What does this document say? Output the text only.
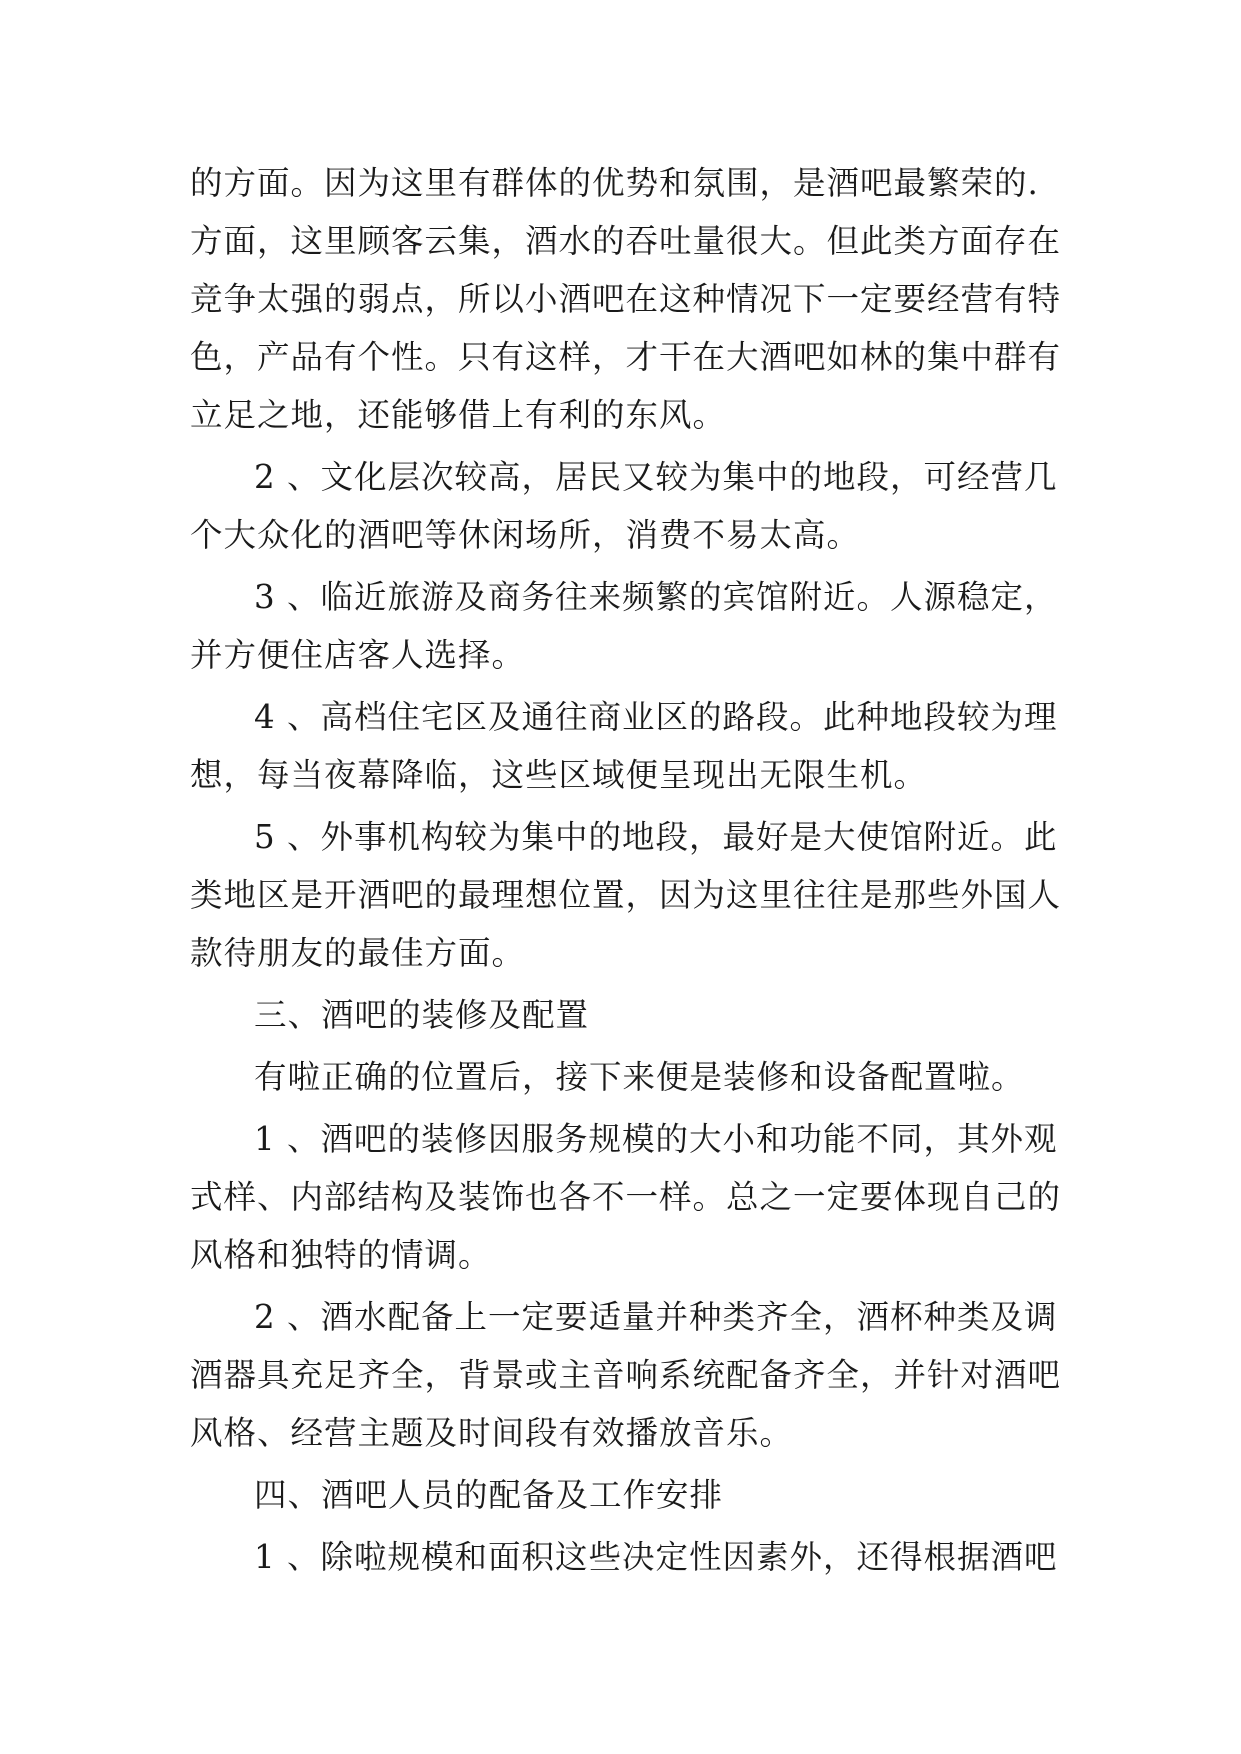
的方面。因为这里有群体的优势和氛围，是酒吧最繁荣的.
方面，这里顾客云集，酒水的吞吐量很大。但此类方面存在
竞争太强的弱点，所以小酒吧在这种情况下一定要经营有特
色，产品有个性。只有这样，才干在大酒吧如林的集中群有
立足之地，还能够借上有利的东风。
2 、文化层次较高，居民又较为集中的地段，可经营几
个大众化的酒吧等休闲场所，消费不易太高。
3 、临近旅游及商务往来频繁的宾馆附近。人源稳定，
并方便住店客人选择。
4 、高档住宅区及通往商业区的路段。此种地段较为理
想，每当夜幕降临，这些区域便呈现出无限生机。
5 、外事机构较为集中的地段，最好是大使馆附近。此
类地区是开酒吧的最理想位置，因为这里往往是那些外国人
款待朋友的最佳方面。
三、酒吧的装修及配置
有啦正确的位置后，接下来便是装修和设备配置啦。
1 、酒吧的装修因服务规模的大小和功能不同，其外观
式样、内部结构及装饰也各不一样。总之一定要体现自己的
风格和独特的情调。
2 、酒水配备上一定要适量并种类齐全，酒杯种类及调
酒器具充足齐全，背景或主音响系统配备齐全，并针对酒吧
风格、经营主题及时间段有效播放音乐。
四、酒吧人员的配备及工作安排
1 、除啦规模和面积这些决定性因素外，还得根据酒吧
